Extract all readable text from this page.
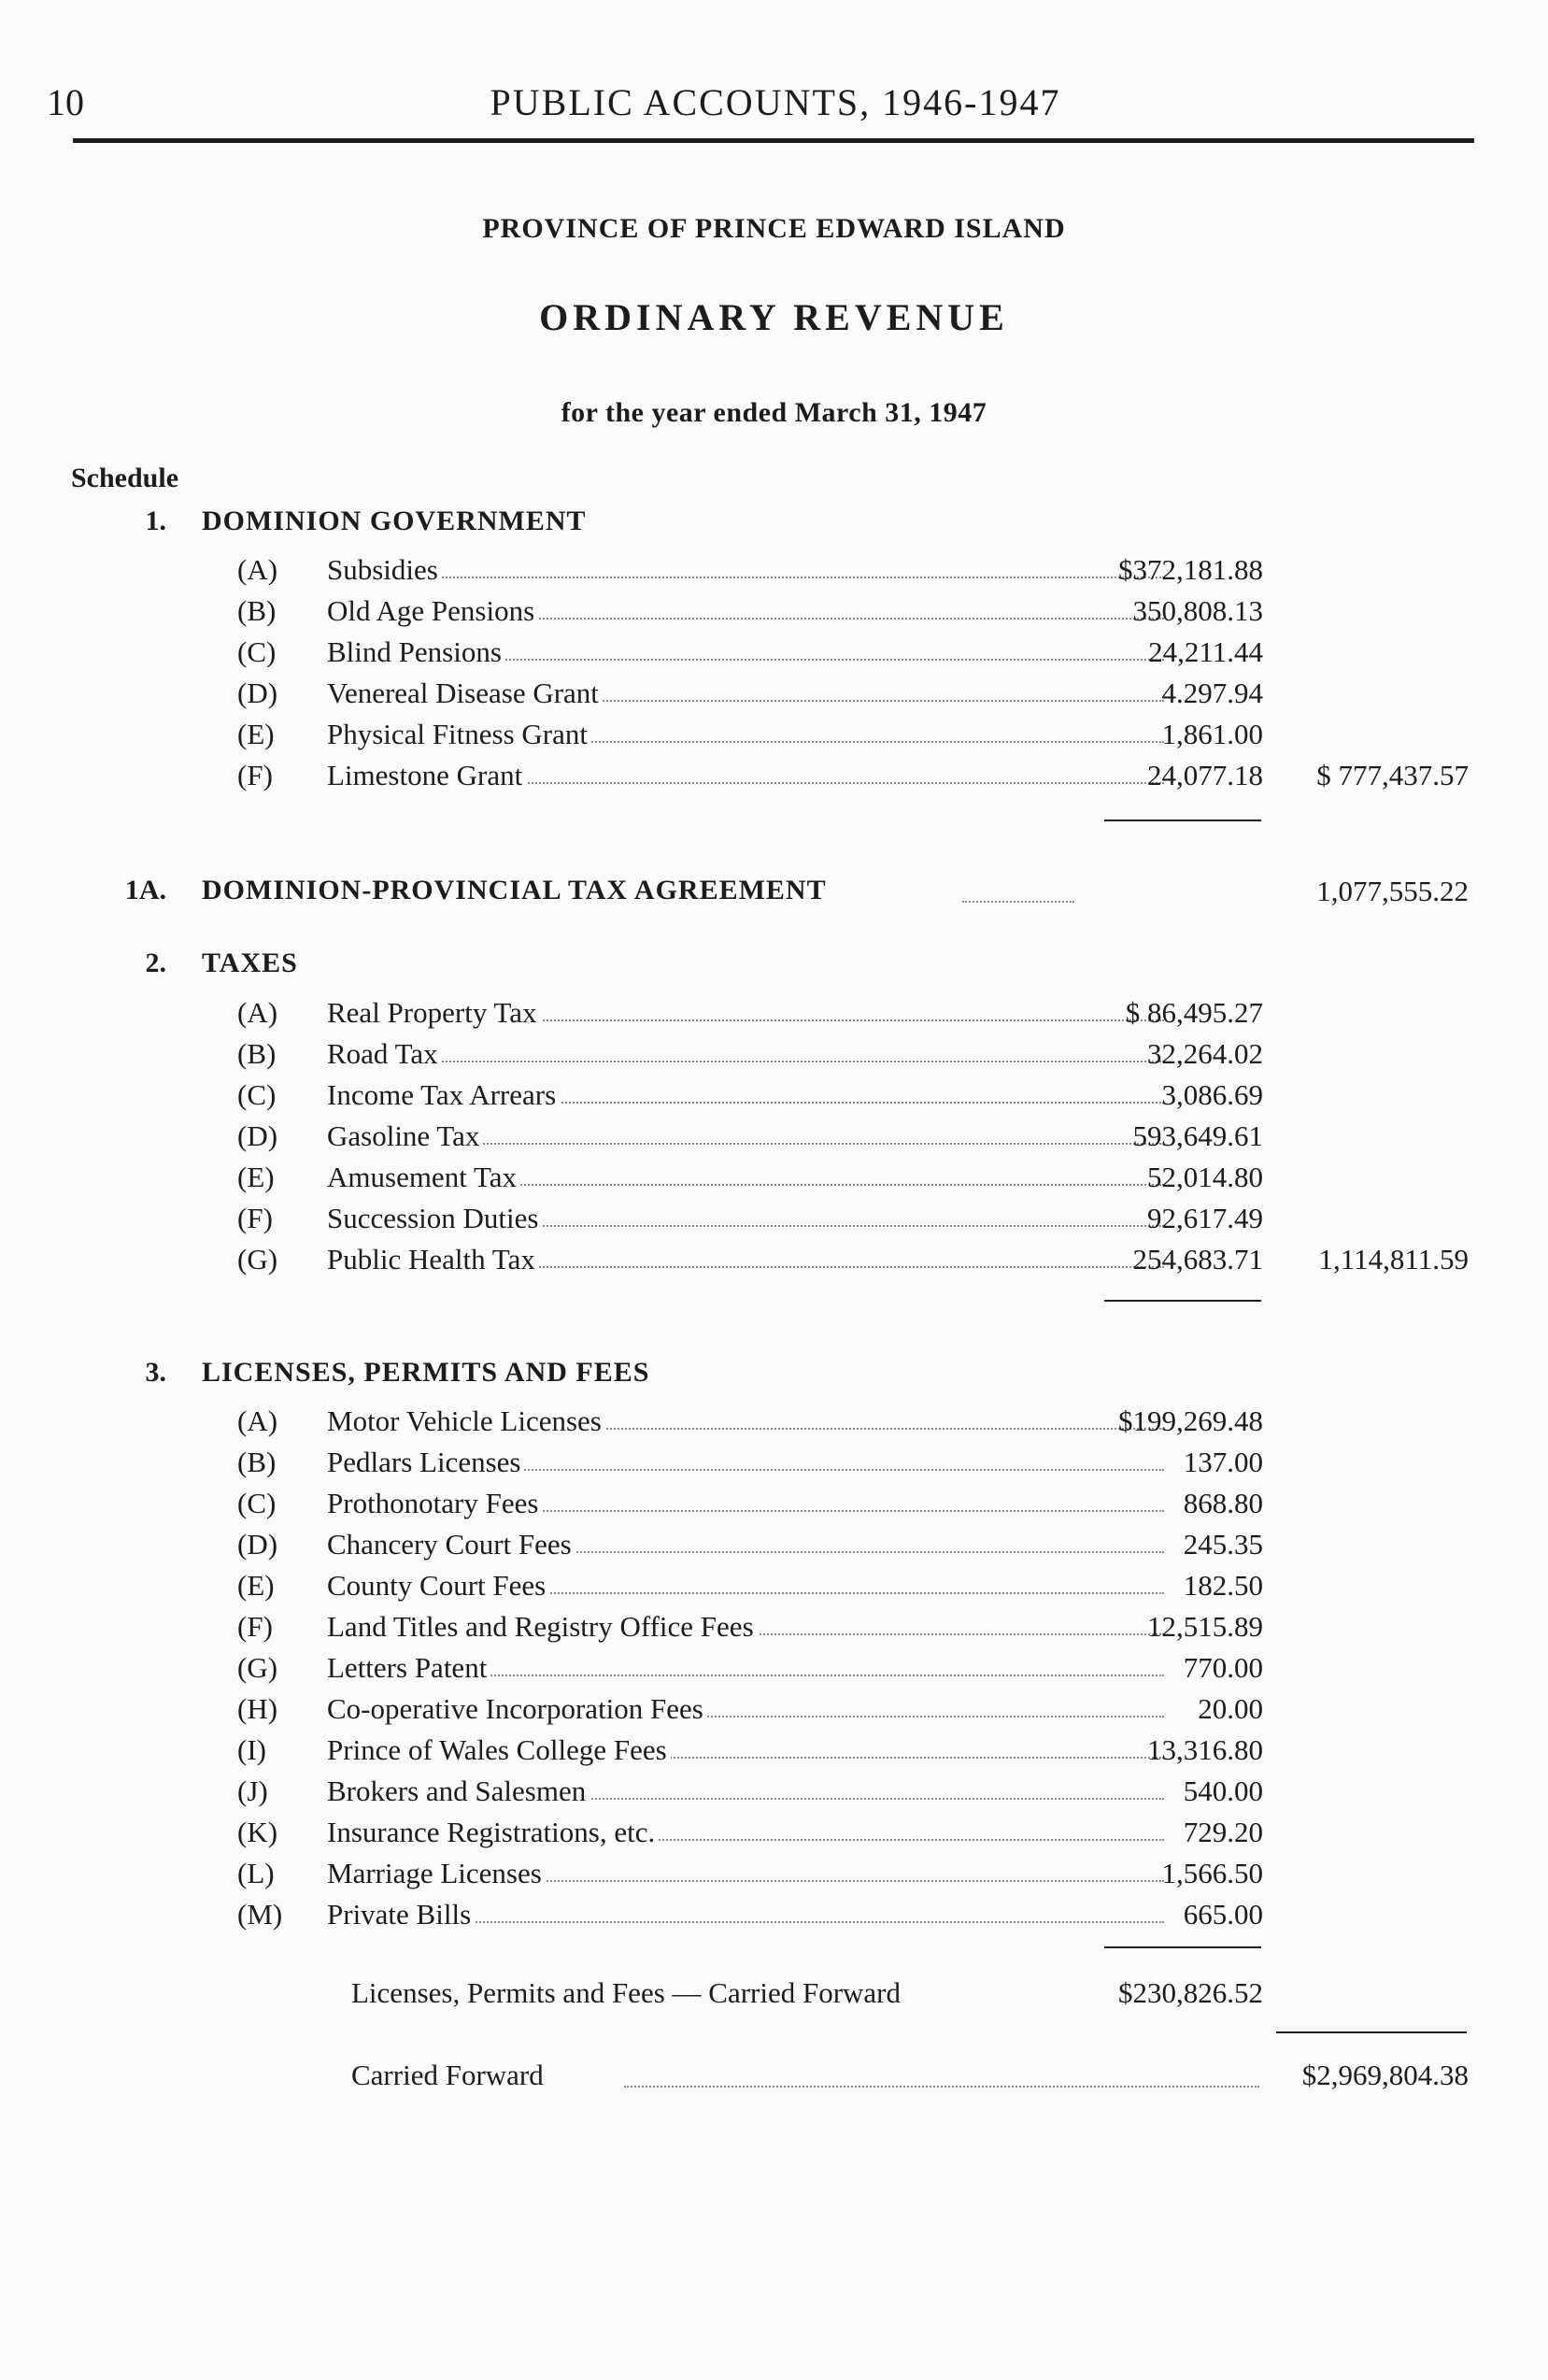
10	PUBLIC ACCOUNTS, 1946-1947
PROVINCE OF PRINCE EDWARD ISLAND
ORDINARY REVENUE
for the year ended March 31, 1947
Schedule
1. DOMINION GOVERNMENT
(A)	Subsidies	$372,181.88
(B)	Old Age Pensions	350,808.13
(C)	Blind Pensions	24,211.44
(D)	Venereal Disease Grant	4.297.94
(E)	Physical Fitness Grant	1,861.00
(F)	Limestone Grant	24,077.18	$ 777,437.57
1A. DOMINION-PROVINCIAL TAX AGREEMENT	1,077,555.22
2. TAXES
(A)	Real Property Tax	$ 86,495.27
(B)	Road Tax	32,264.02
(C)	Income Tax Arrears	3,086.69
(D)	Gasoline Tax	593,649.61
(E)	Amusement Tax	52,014.80
(F)	Succession Duties	92,617.49
(G)	Public Health Tax	254,683.71	1,114,811.59
3. LICENSES, PERMITS AND FEES
(A)	Motor Vehicle Licenses	$199,269.48
(B)	Pedlars Licenses	137.00
(C)	Prothonotary Fees	868.80
(D)	Chancery Court Fees	245.35
(E)	County Court Fees	182.50
(F)	Land Titles and Registry Office Fees	12,515.89
(G)	Letters Patent	770.00
(H)	Co-operative Incorporation Fees	20.00
(I)	Prince of Wales College Fees	13,316.80
(J)	Brokers and Salesmen	540.00
(K)	Insurance Registrations, etc.	729.20
(L)	Marriage Licenses	1,566.50
(M)	Private Bills	665.00
Licenses, Permits and Fees — Carried Forward	$230,826.52
Carried Forward	$2,969,804.38
